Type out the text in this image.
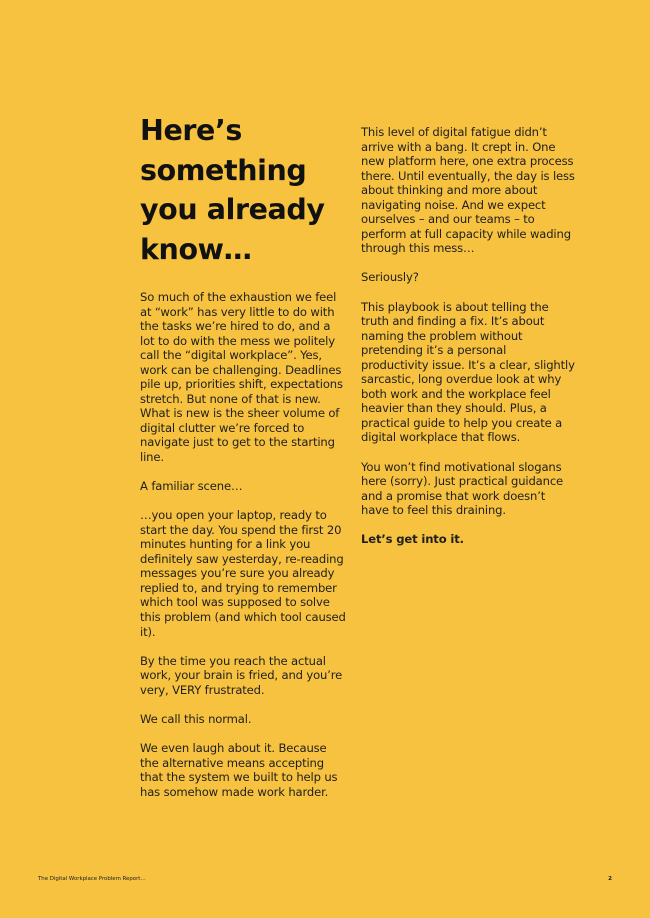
Here’s something you already know…

So much of the exhaustion we feel at “work” has very little to do with the tasks we’re hired to do, and a lot to do with the mess we politely call the “digital workplace”. Yes, work can be challenging. Deadlines pile up, priorities shift, expectations stretch. But none of that is new. What is new is the sheer volume of digital clutter we’re forced to navigate just to get to the starting line.

A familiar scene…

…you open your laptop, ready to start the day. You spend the first 20 minutes hunting for a link you definitely saw yesterday, re-reading messages you’re sure you already replied to, and trying to remember which tool was supposed to solve this problem (and which tool caused it).

By the time you reach the actual work, your brain is fried, and you’re very, VERY frustrated.

We call this normal.

We even laugh about it. Because the alternative means accepting that the system we built to help us has somehow made work harder.

This level of digital fatigue didn’t arrive with a bang. It crept in. One new platform here, one extra process there. Until eventually, the day is less about thinking and more about navigating noise. And we expect ourselves – and our teams – to perform at full capacity while wading through this mess…

Seriously?

This playbook is about telling the truth and finding a fix. It’s about naming the problem without pretending it’s a personal productivity issue. It’s a clear, slightly sarcastic, long overdue look at why both work and the workplace feel heavier than they should. Plus, a practical guide to help you create a digital workplace that flows.

You won’t find motivational slogans here (sorry). Just practical guidance and a promise that work doesn’t have to feel this draining.

Let’s get into it.

The Digital Workplace Problem Report…	2
